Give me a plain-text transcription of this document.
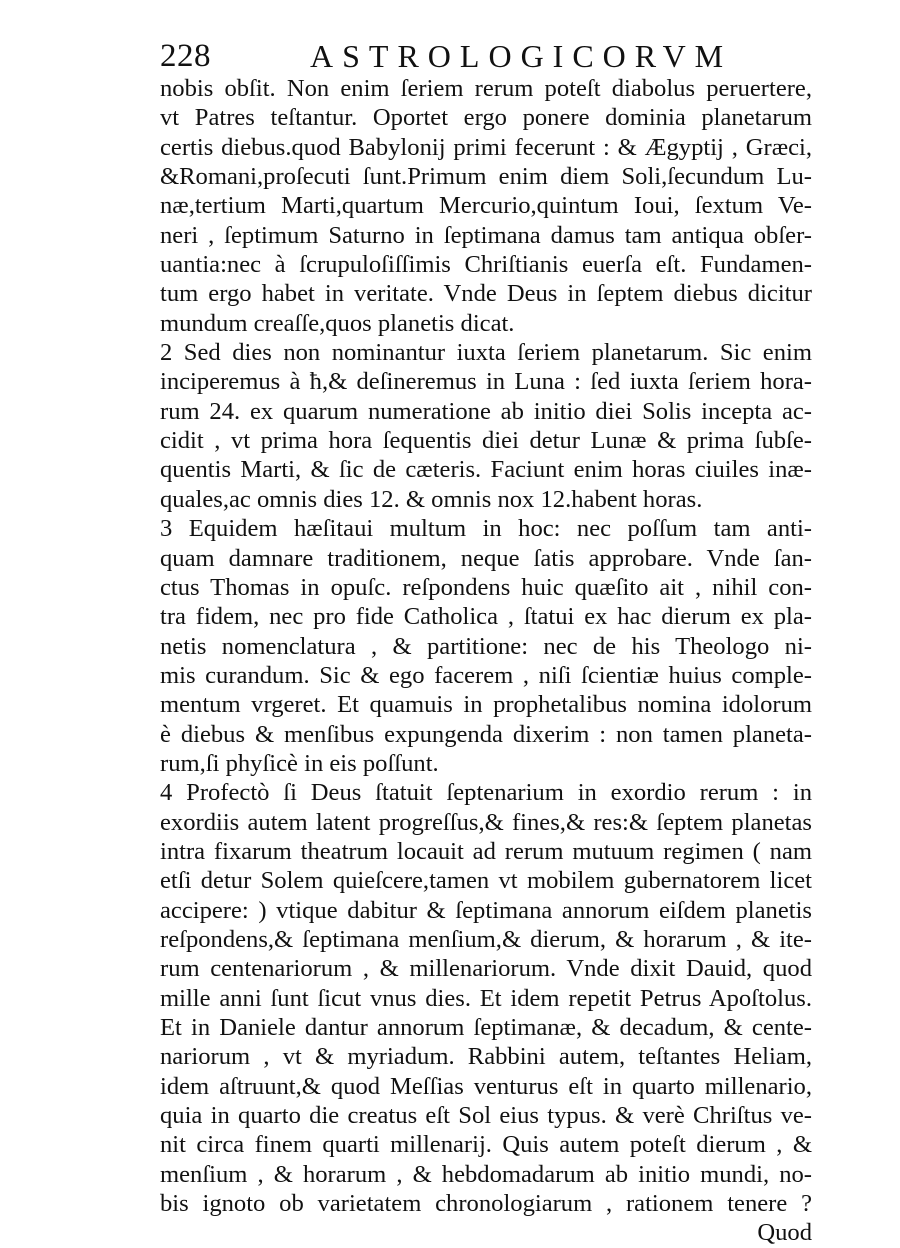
228	ASTROLOGICORVM
nobis obſit. Non enim ſeriem rerum poteſt diabolus peruertere,
vt Patres teſtantur. Oportet ergo ponere dominia planetarum
certis diebus.quod Babylonij primi fecerunt : & Ægyptij , Græci,
&Romani,proſecuti ſunt.Primum enim diem Soli,ſecundum Lu-
næ,tertium Marti,quartum Mercurio,quintum Ioui, ſextum Ve-
neri , ſeptimum Saturno in ſeptimana damus tam antiqua obſer-
uantia:nec à ſcrupuloſiſſimis Chriſtianis euerſa eſt. Fundamen-
tum ergo habet in veritate. Vnde Deus in ſeptem diebus dicitur
mundum creaſſe,quos planetis dicat.
2 Sed dies non nominantur iuxta ſeriem planetarum. Sic enim
inciperemus à ħ,& deſineremus in Luna : ſed iuxta ſeriem hora-
rum 24. ex quarum numeratione ab initio diei Solis incepta ac-
cidit , vt prima hora ſequentis diei detur Lunæ & prima ſubſe-
quentis Marti, & ſic de cæteris. Faciunt enim horas ciuiles inæ-
quales,ac omnis dies 12. & omnis nox 12.habent horas.
3 Equidem hæſitaui multum in hoc: nec poſſum tam anti-
quam damnare traditionem, neque ſatis approbare. Vnde ſan-
ctus Thomas in opuſc. reſpondens huic quæſito ait , nihil con-
tra fidem, nec pro fide Catholica , ſtatui ex hac dierum ex pla-
netis nomenclatura , & partitione: nec de his Theologo ni-
mis curandum. Sic & ego facerem , niſi ſcientiæ huius comple-
mentum vrgeret. Et quamuis in prophetalibus nomina idolorum
è diebus & menſibus expungenda dixerim : non tamen planeta-
rum,ſi phyſicè in eis poſſunt.
4 Profectò ſi Deus ſtatuit ſeptenarium in exordio rerum : in
exordiis autem latent progreſſus,& fines,& res:& ſeptem planetas
intra fixarum theatrum locauit ad rerum mutuum regimen ( nam
etſi detur Solem quieſcere,tamen vt mobilem gubernatorem licet
accipere: ) vtique dabitur & ſeptimana annorum eiſdem planetis
reſpondens,& ſeptimana menſium,& dierum, & horarum , & ite-
rum centenariorum , & millenariorum. Vnde dixit Dauid, quod
mille anni ſunt ſicut vnus dies. Et idem repetit Petrus Apoſtolus.
Et in Daniele dantur annorum ſeptimanæ, & decadum, & cente-
nariorum , vt & myriadum. Rabbini autem, teſtantes Heliam,
idem aſtruunt,& quod Meſſias venturus eſt in quarto millenario,
quia in quarto die creatus eſt Sol eius typus. & verè Chriſtus ve-
nit circa finem quarti millenarij. Quis autem poteſt dierum , &
menſium , & horarum , & hebdomadarum ab initio mundi, no-
bis ignoto ob varietatem chronologiarum , rationem tenere ?
Quod
